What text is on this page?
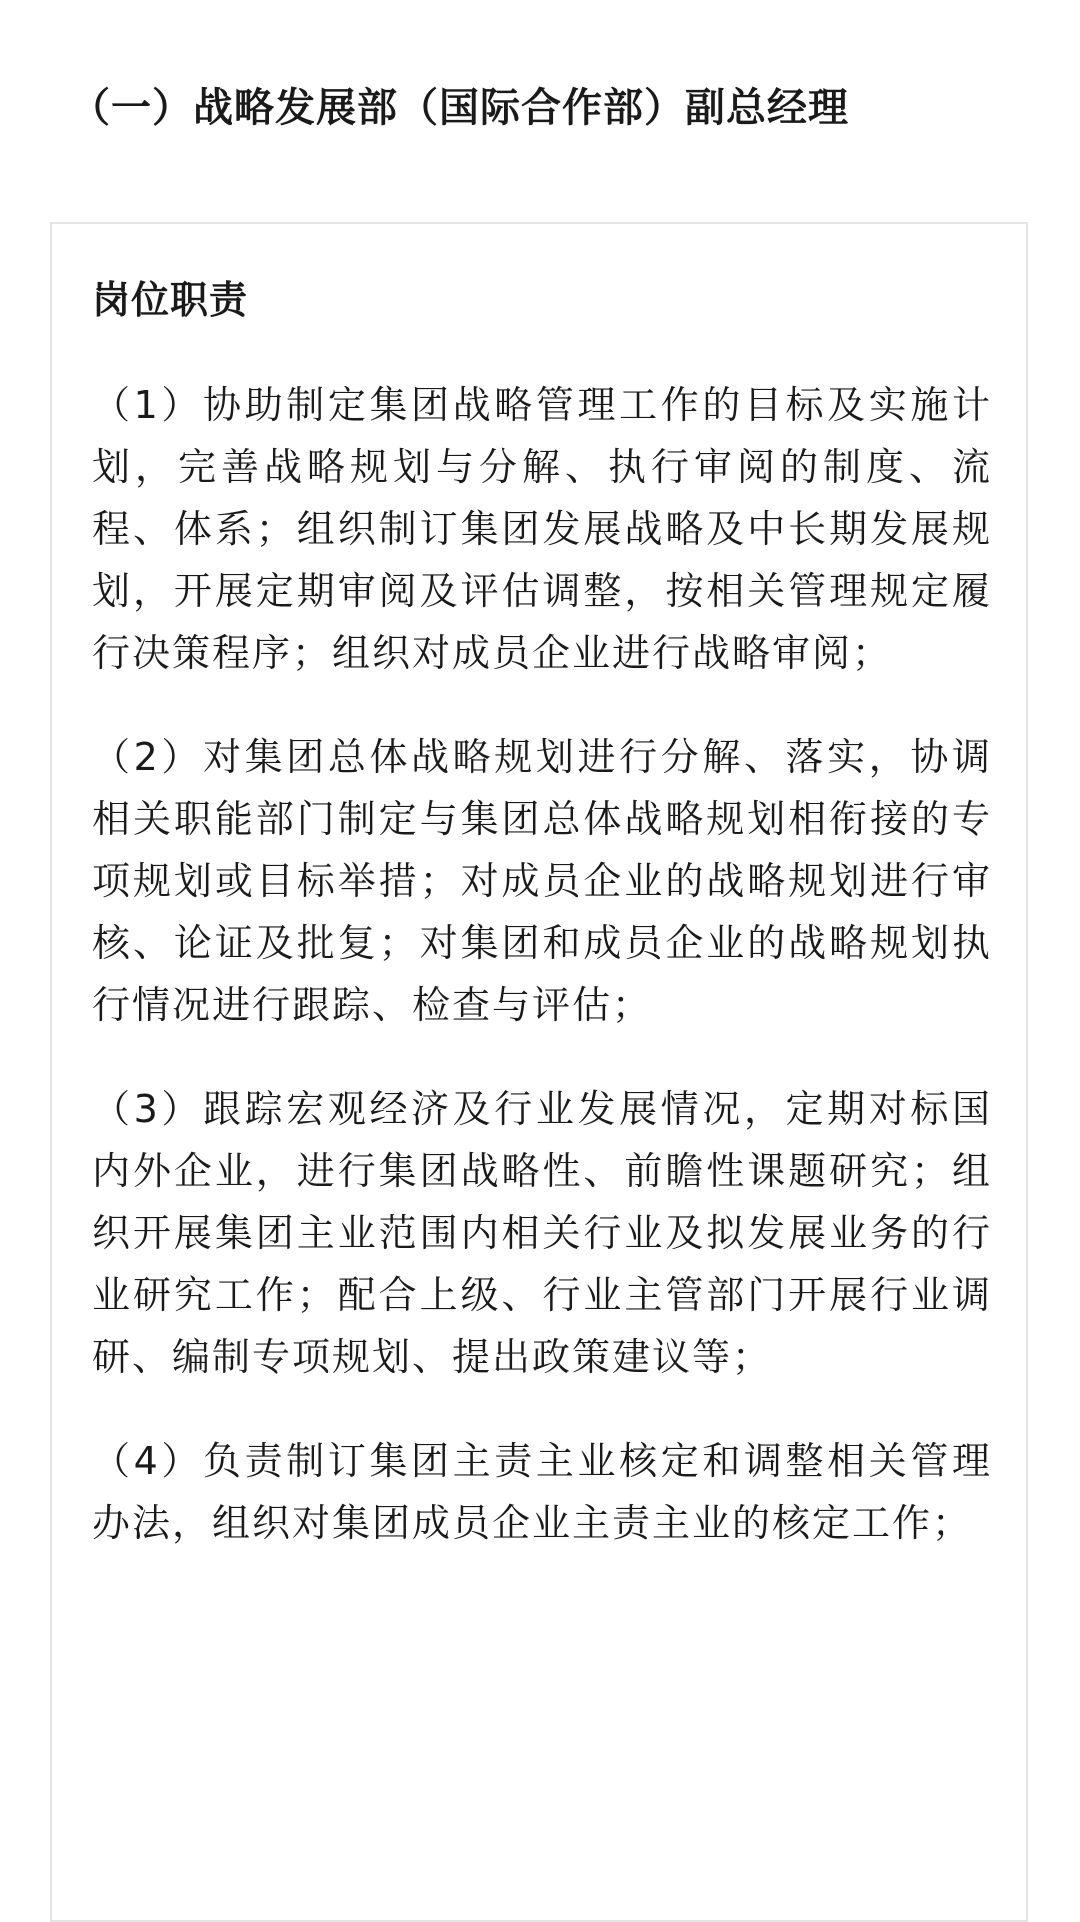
（一）战略发展部（国际合作部）副总经理
岗位职责
（1）协助制定集团战略管理工作的目标及实施计划，完善战略规划与分解、执行审阅的制度、流程、体系；组织制订集团发展战略及中长期发展规划，开展定期审阅及评估调整，按相关管理规定履行决策程序；组织对成员企业进行战略审阅；
（2）对集团总体战略规划进行分解、落实，协调相关职能部门制定与集团总体战略规划相衔接的专项规划或目标举措；对成员企业的战略规划进行审核、论证及批复；对集团和成员企业的战略规划执行情况进行跟踪、检查与评估；
（3）跟踪宏观经济及行业发展情况，定期对标国内外企业，进行集团战略性、前瞻性课题研究；组织开展集团主业范围内相关行业及拟发展业务的行业研究工作；配合上级、行业主管部门开展行业调研、编制专项规划、提出政策建议等；
（4）负责制订集团主责主业核定和调整相关管理办法，组织对集团成员企业主责主业的核定工作；
